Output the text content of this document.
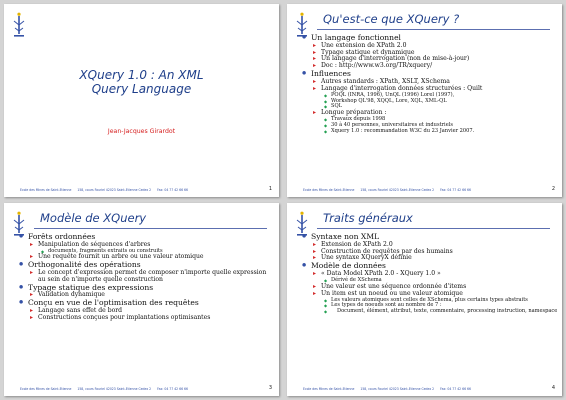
XQuery 1.0 : An XML
Query Language
Jean-Jacques Girardot
Ecole des Mines de Saint-Etienne 158, cours Fauriel 42023 Saint-Etienne Cedex 2 Fax: 04 77 42 66 66	1
Qu'est-ce que XQuery ?
● Un langage fonctionnel
▸ Une extension de XPath 2.0
▸ Typage statique et dynamique
▸ Un langage d'interrogation (non de mise-à-jour)
▸ Doc : http://www.w3.org/TR/xquery/
● Influences
▸ Autres standards : XPath, XSLT, XSchema
▸ Langage d'interrogation données structurées : Quilt
◆ POQL (INRA, 1996), UnQL (1996) Lorel (1997),
◆ Workshop QL'98, XQQL, Lore, XQL, XML-QL
◆ SQL
▸ Longue préparation :
◆ Travaux depuis 1998
◆ 30 à 40 personnes, universitaires et industriels
◆ Xquery 1.0 : recommandation W3C du 23 Janvier 2007.
Ecole des Mines de Saint-Etienne 158, cours Fauriel 42023 Saint-Etienne Cedex 2 Fax: 04 77 42 66 66	2
Modèle de XQuery
● Forêts ordonnées
▸ Manipulation de séquences d'arbres
◆ documents, fragments extraits ou construits
▸ Une requête fournit un arbre ou une valeur atomique
● Orthogonalité des opérations
▸ Le concept d'expression permet de composer n'importe quelle expression au sein de n'importe quelle construction
● Typage statique des expressions
▸ Validation dynamique
● Conçu en vue de l'optimisation des requêtes
▸ Langage sans effet de bord
▸ Constructions conçues pour implantations optimisantes
Ecole des Mines de Saint-Etienne 158, cours Fauriel 42023 Saint-Etienne Cedex 2 Fax: 04 77 42 66 66	3
Traits généraux
● Syntaxe non XML
▸ Extension de XPath 2.0
▸ Construction de requêtes par des humains
▸ Une syntaxe XQueryX définie
● Modèle de données
▸ « Data Model XPath 2.0 - XQuery 1.0 »
◆ Dérivé de XSchema
▸ Une valeur est une séquence ordonnée d'items
▸ Un item est un noeud ou une valeur atomique
◆ Les valeurs atomiques sont celles de XSchema, plus certains types abstraits
◆ Les types de noeuds sont au nombre de 7 :
◆ Document, élément, attribut, texte, commentaire, processing instruction, namespace
Ecole des Mines de Saint-Etienne 158, cours Fauriel 42023 Saint-Etienne Cedex 2 Fax: 04 77 42 66 66	4
